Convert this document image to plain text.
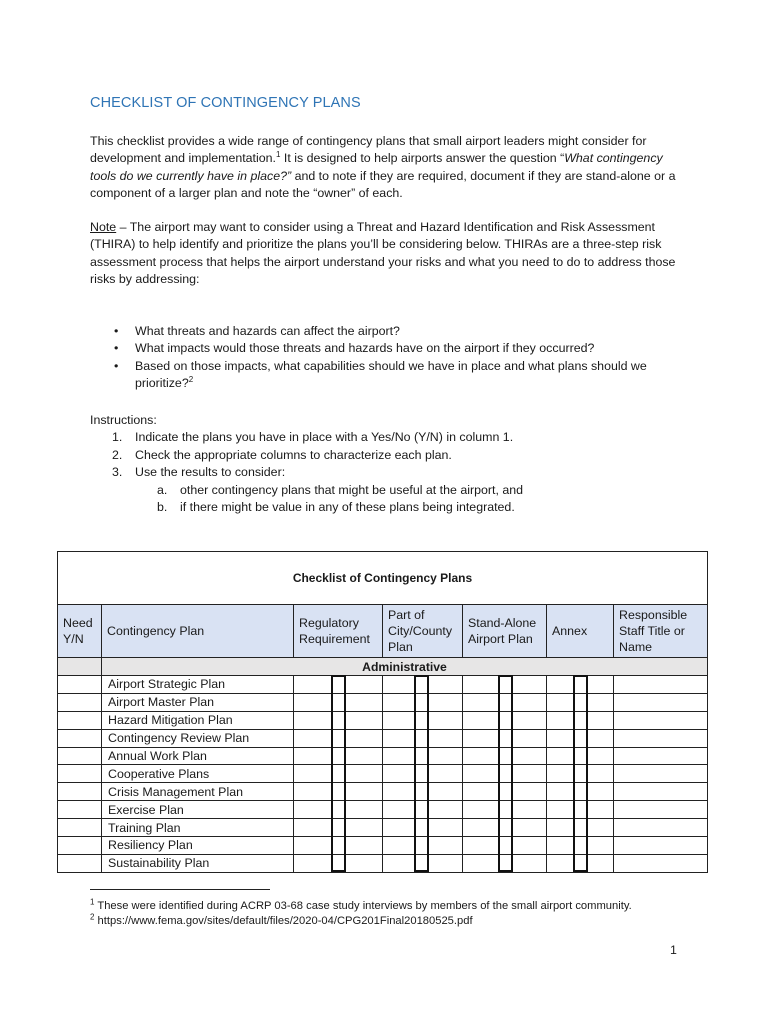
CHECKLIST OF CONTINGENCY PLANS
This checklist provides a wide range of contingency plans that small airport leaders might consider for development and implementation.$^1$ It is designed to help airports answer the question “What contingency tools do we currently have in place?” and to note if they are required, document if they are stand-alone or a component of a larger plan and note the “owner” of each.
Note – The airport may want to consider using a Threat and Hazard Identification and Risk Assessment (THIRA) to help identify and prioritize the plans you’ll be considering below. THIRAs are a three-step risk assessment process that helps the airport understand your risks and what you need to do to address those risks by addressing:
• What threats and hazards can affect the airport?
• What impacts would those threats and hazards have on the airport if they occurred?
• Based on those impacts, what capabilities should we have in place and what plans should we prioritize?$^2$
Instructions:
1. Indicate the plans you have in place with a Yes/No (Y/N) in column 1.
2. Check the appropriate columns to characterize each plan.
3. Use the results to consider:
a. other contingency plans that might be useful at the airport, and
b. if there might be value in any of these plans being integrated.
Checklist of Contingency Plans						
Need Y/N	Contingency Plan	Regulatory Requirement	Part of City/County Plan	Stand-Alone Airport Plan	Annex	Responsible Staff Title or Name
	Administrative					
	Airport Strategic Plan	

	Airport Master Plan	

	Hazard Mitigation Plan	

	Contingency Review Plan	

	Annual Work Plan	

	Cooperative Plans	

	Crisis Management Plan	

	Exercise Plan	

	Training Plan	

	Resiliency Plan	

	Sustainability Plan	

$^1$ These were identified during ACRP 03-68 case study interviews by members of the small airport community.
$^2$ https://www.fema.gov/sites/default/files/2020-04/CPG201Final20180525.pdf
1
